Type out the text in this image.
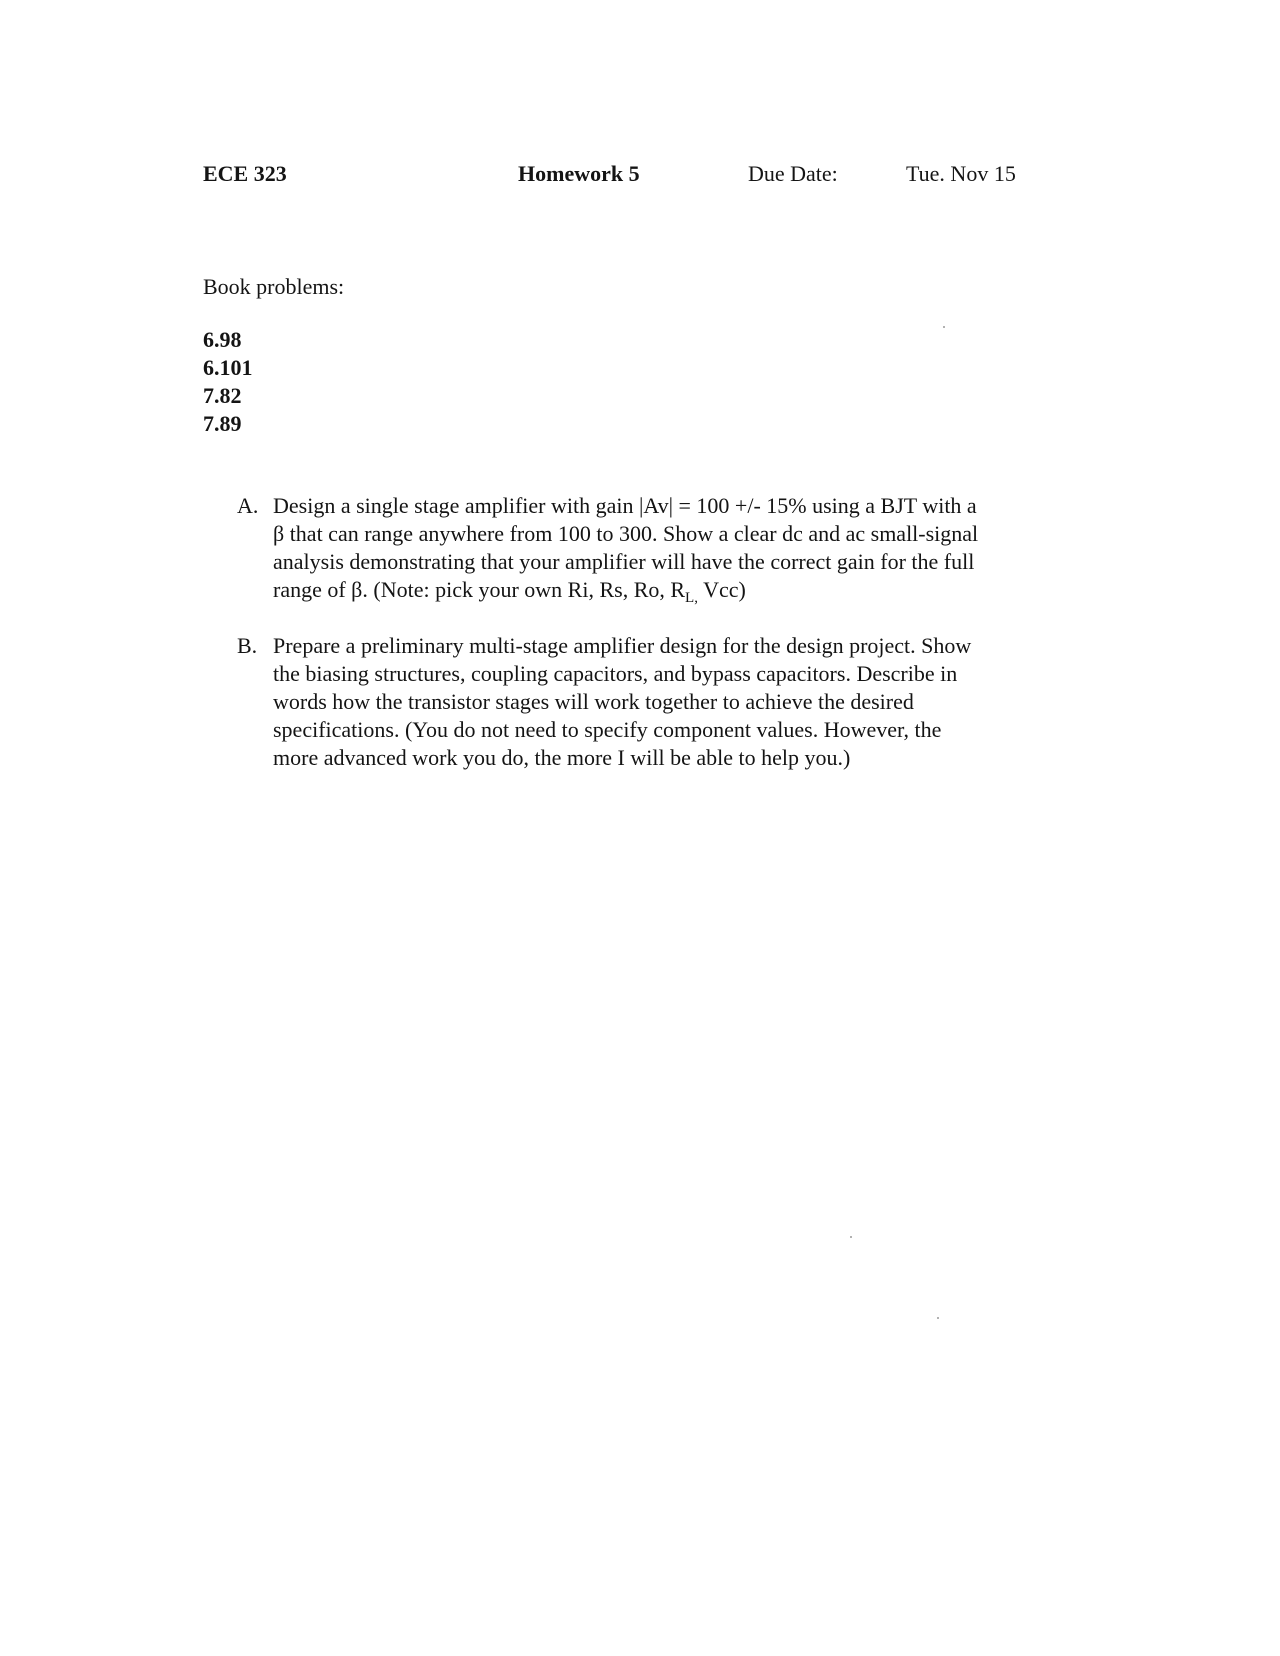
ECE 323	Homework 5	Due Date:	Tue. Nov 15
Book problems:
6.98
6.101
7.82
7.89
A. Design a single stage amplifier with gain |Av| = 100 +/- 15% using a BJT with a
β that can range anywhere from 100 to 300. Show a clear dc and ac small-signal
analysis demonstrating that your amplifier will have the correct gain for the full
range of β. (Note: pick your own Ri, Rs, Ro, $R_{L,}$ Vcc)
B. Prepare a preliminary multi-stage amplifier design for the design project. Show
the biasing structures, coupling capacitors, and bypass capacitors. Describe in
words how the transistor stages will work together to achieve the desired
specifications. (You do not need to specify component values. However, the
more advanced work you do, the more I will be able to help you.)
